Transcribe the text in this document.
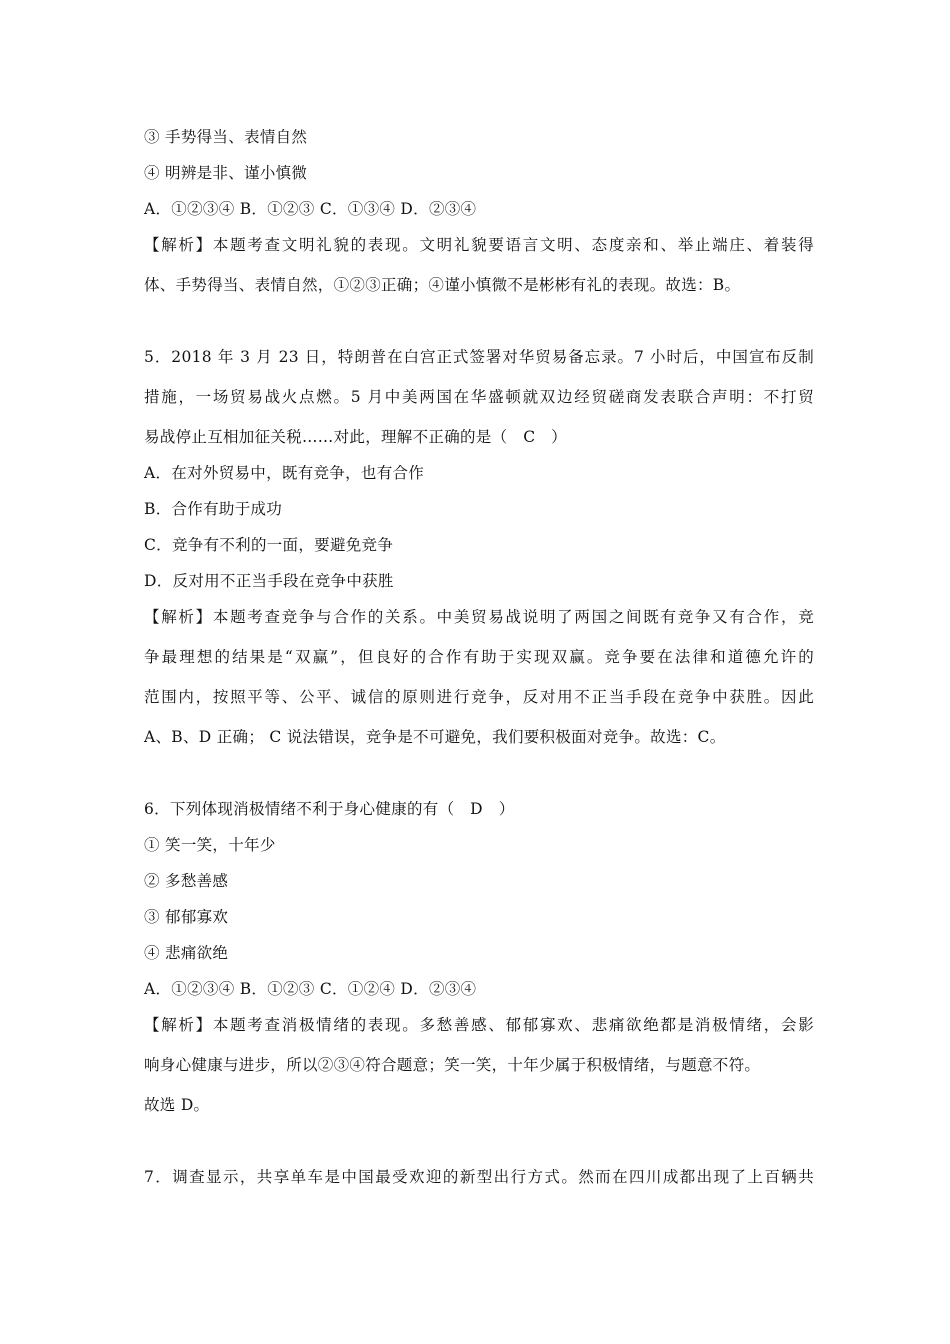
③ 手势得当、表情自然
④ 明辨是非、谨小慎微
A．①②③④ B．①②③ C．①③④ D．②③④
【解析】本题考查文明礼貌的表现。文明礼貌要语言文明、态度亲和、举止端庄、着装得
体、手势得当、表情自然，①②③正确；④谨小慎微不是彬彬有礼的表现。故选：B。
5．2018 年 3 月 23 日，特朗普在白宫正式签署对华贸易备忘录。7 小时后，中国宣布反制
措施，一场贸易战火点燃。5 月中美两国在华盛顿就双边经贸磋商发表联合声明：不打贸
易战停止互相加征关税……对此，理解不正确的是（　C　）
A．在对外贸易中，既有竞争，也有合作
B．合作有助于成功
C．竞争有不利的一面，要避免竞争
D．反对用不正当手段在竞争中获胜
【解析】本题考查竞争与合作的关系。中美贸易战说明了两国之间既有竞争又有合作，竞
争最理想的结果是“双赢”，但良好的合作有助于实现双赢。竞争要在法律和道德允许的
范围内，按照平等、公平、诚信的原则进行竞争，反对用不正当手段在竞争中获胜。因此
A、B、D 正确； C 说法错误，竞争是不可避免，我们要积极面对竞争。故选：C。
6．下列体现消极情绪不利于身心健康的有（　D　）
① 笑一笑，十年少
② 多愁善感
③ 郁郁寡欢
④ 悲痛欲绝
A．①②③④ B．①②③ C．①②④ D．②③④
【解析】本题考查消极情绪的表现。多愁善感、郁郁寡欢、悲痛欲绝都是消极情绪，会影
响身心健康与进步，所以②③④符合题意；笑一笑，十年少属于积极情绪，与题意不符。
故选 D。
7．调查显示，共享单车是中国最受欢迎的新型出行方式。然而在四川成都出现了上百辆共
